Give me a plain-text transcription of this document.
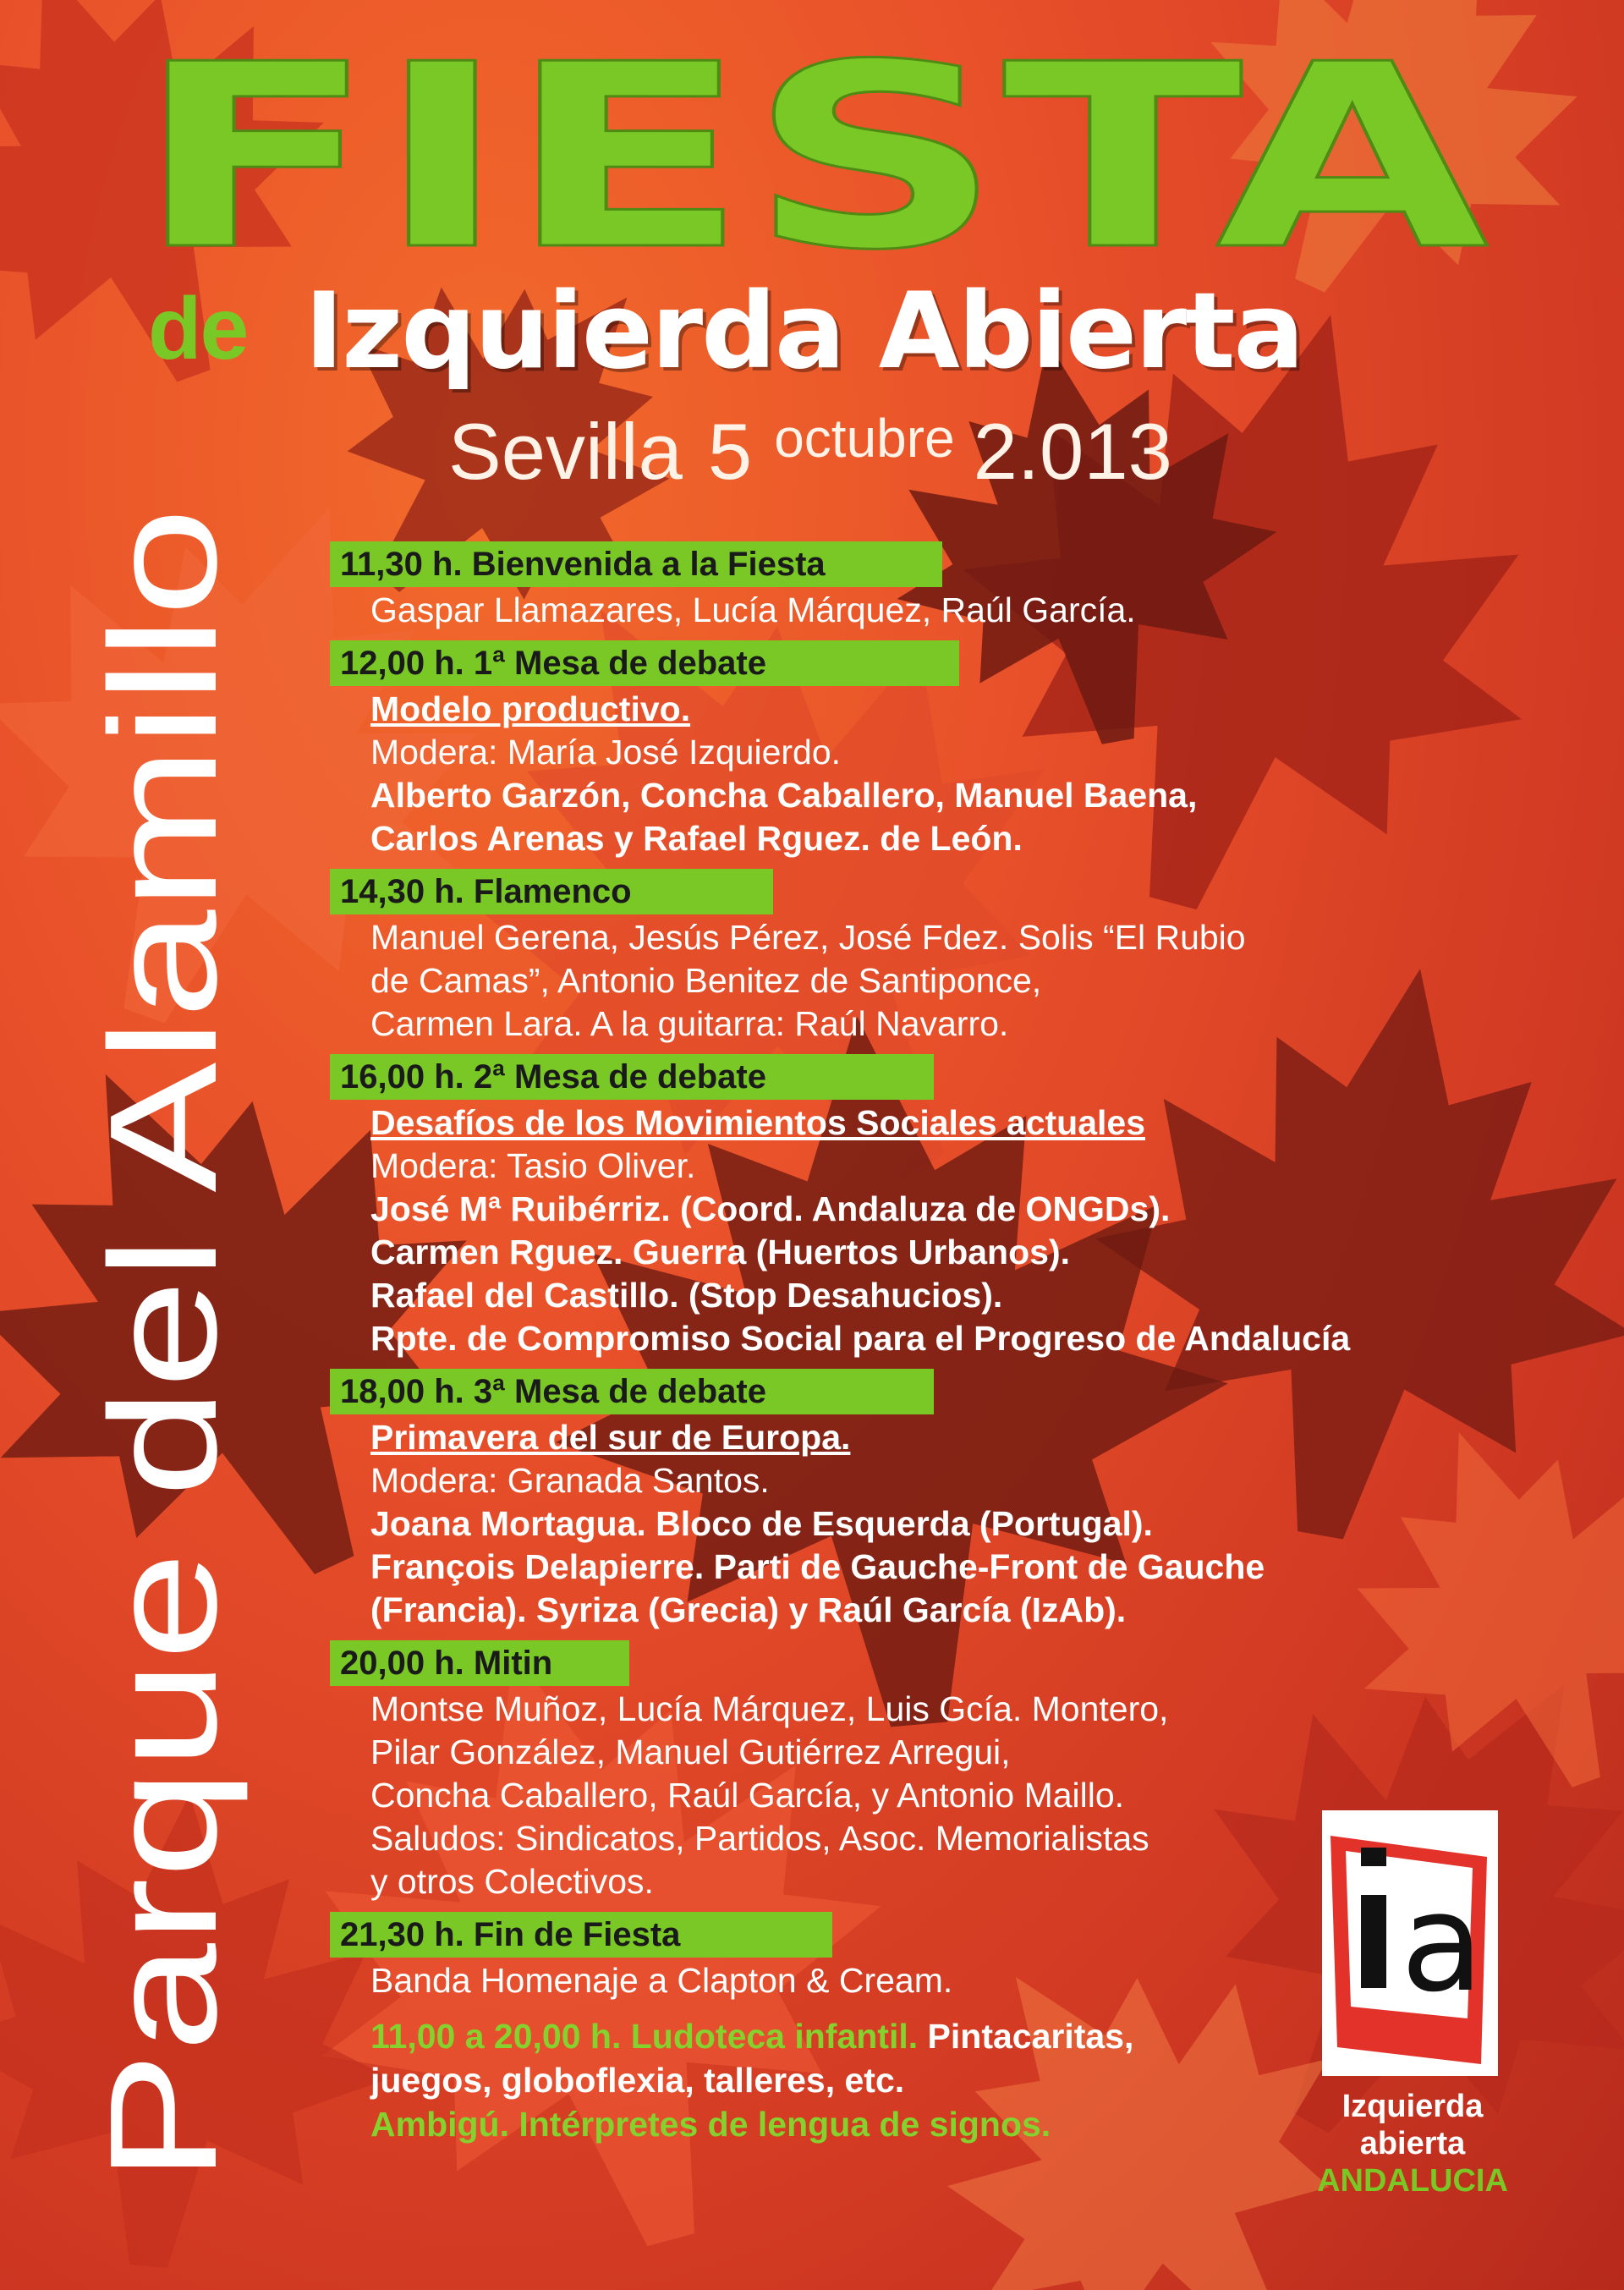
FIESTA
de Izquierda Abierta
Sevilla 5 octubre 2.013
Parque del Alamillo
11,30 h. Bienvenida a la Fiesta
Gaspar Llamazares, Lucía Márquez, Raúl García.
12,00 h. 1ª Mesa de debate
Modelo productivo.
Modera: María José Izquierdo.
Alberto Garzón, Concha Caballero, Manuel Baena,
Carlos Arenas y Rafael Rguez. de León.
14,30 h. Flamenco
Manuel Gerena, Jesús Pérez, José Fdez. Solis “El Rubio
de Camas”, Antonio Benitez de Santiponce,
Carmen Lara. A la guitarra: Raúl Navarro.
16,00 h. 2ª Mesa de debate
Desafíos de los Movimientos Sociales actuales
Modera: Tasio Oliver.
José Mª Ruibérriz. (Coord. Andaluza de ONGDs).
Carmen Rguez. Guerra (Huertos Urbanos).
Rafael del Castillo. (Stop Desahucios).
Rpte. de Compromiso Social para el Progreso de Andalucía
18,00 h. 3ª Mesa de debate
Primavera del sur de Europa.
Modera: Granada Santos.
Joana Mortagua. Bloco de Esquerda (Portugal).
François Delapierre. Parti de Gauche-Front de Gauche
(Francia). Syriza (Grecia) y Raúl García (IzAb).
20,00 h. Mitin
Montse Muñoz, Lucía Márquez, Luis Gcía. Montero,
Pilar González, Manuel Gutiérrez Arregui,
Concha Caballero, Raúl García, y Antonio Maillo.
Saludos: Sindicatos, Partidos, Asoc. Memorialistas
y otros Colectivos.
21,30 h. Fin de Fiesta
Banda Homenaje a Clapton & Cream.
11,00 a 20,00 h. Ludoteca infantil. Pintacaritas,
juegos, globoflexia, talleres, etc.
Ambigú. Intérpretes de lengua de signos.
a
Izquierda
abierta
ANDALUCIA
